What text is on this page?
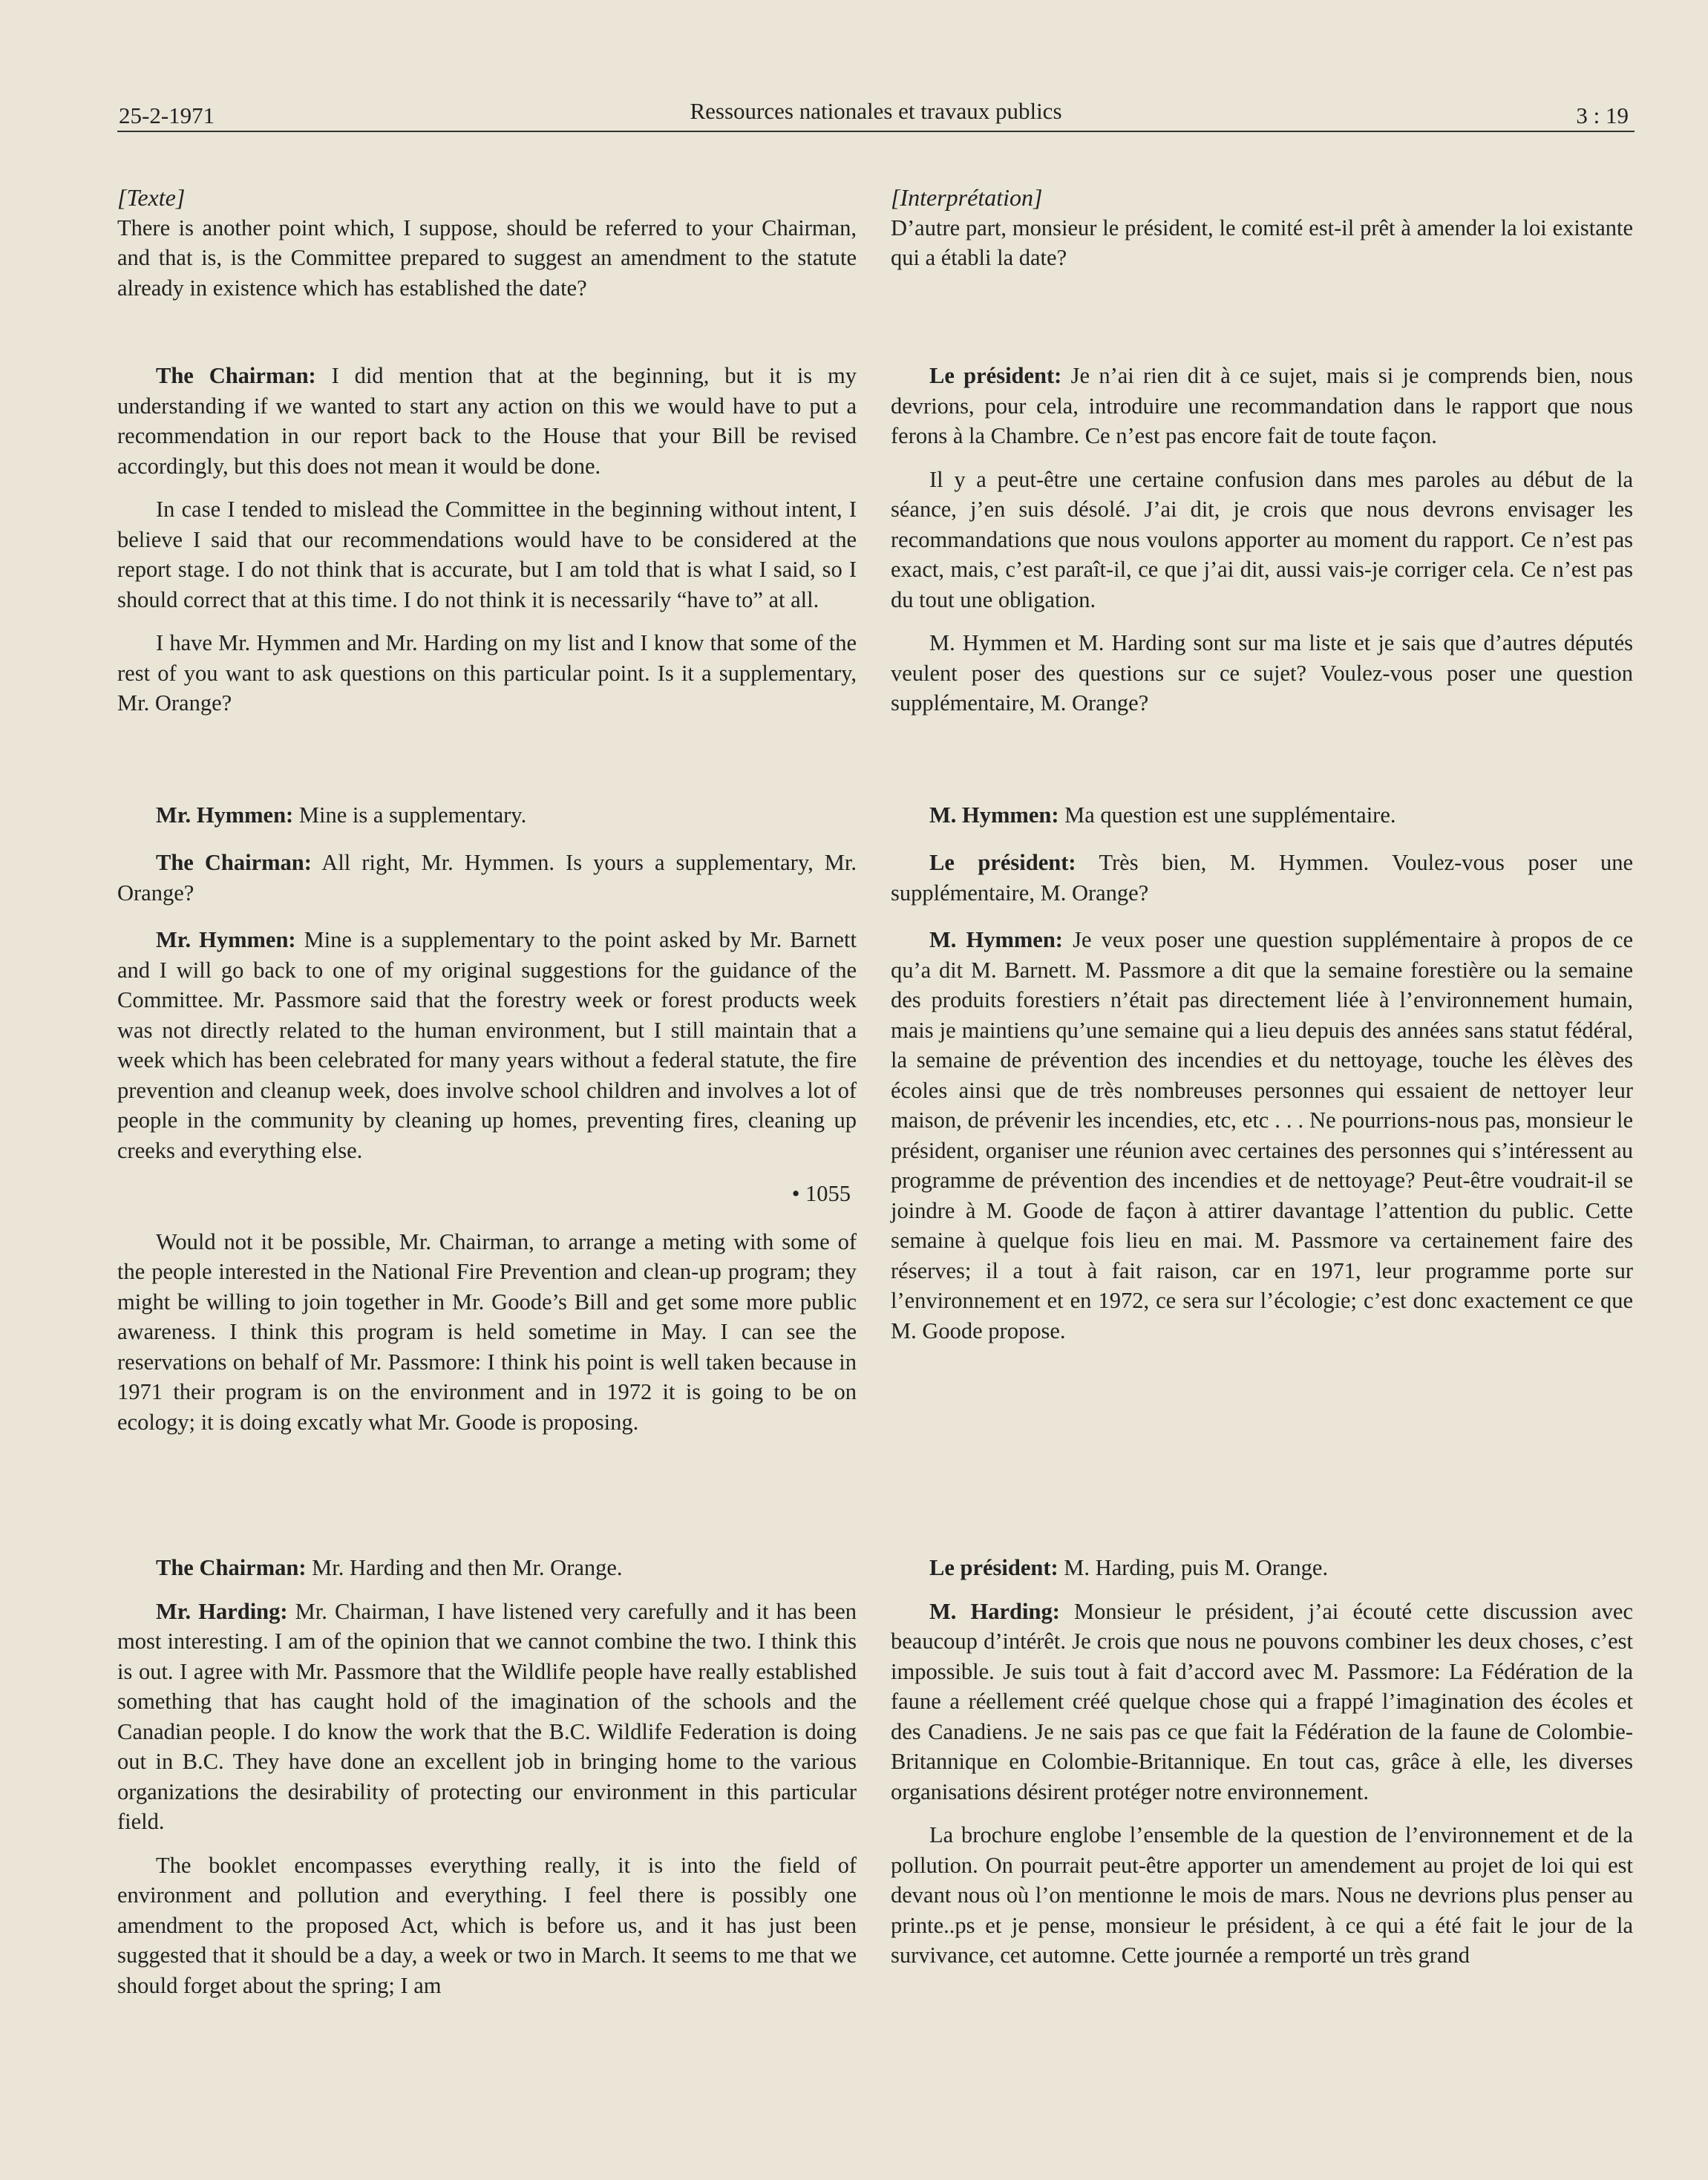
25-2-1971	Ressources nationales et travaux publics	3 : 19
[Texte]

There is another point which, I suppose, should be referred to your Chairman, and that is, is the Committee prepared to suggest an amendment to the statute already in existence which has established the date?

The Chairman: I did mention that at the beginning, but it is my understanding if we wanted to start any action on this we would have to put a recommendation in our report back to the House that your Bill be revised accordingly, but this does not mean it would be done.

In case I tended to mislead the Committee in the beginning without intent, I believe I said that our recommendations would have to be considered at the report stage. I do not think that is accurate, but I am told that is what I said, so I should correct that at this time. I do not think it is necessarily “have to” at all.

I have Mr. Hymmen and Mr. Harding on my list and I know that some of the rest of you want to ask questions on this particular point. Is it a supplementary, Mr. Orange?

Mr. Hymmen: Mine is a supplementary.

The Chairman: All right, Mr. Hymmen. Is yours a supplementary, Mr. Orange?

Mr. Hymmen: Mine is a supplementary to the point asked by Mr. Barnett and I will go back to one of my original suggestions for the guidance of the Committee. Mr. Passmore said that the forestry week or forest products week was not directly related to the human environment, but I still maintain that a week which has been celebrated for many years without a federal statute, the fire prevention and cleanup week, does involve school children and involves a lot of people in the community by cleaning up homes, preventing fires, cleaning up creeks and everything else.

• 1055

Would not it be possible, Mr. Chairman, to arrange a meting with some of the people interested in the National Fire Prevention and clean-up program; they might be willing to join together in Mr. Goode’s Bill and get some more public awareness. I think this program is held sometime in May. I can see the reservations on behalf of Mr. Passmore: I think his point is well taken because in 1971 their program is on the environment and in 1972 it is going to be on ecology; it is doing excatly what Mr. Goode is proposing.

The Chairman: Mr. Harding and then Mr. Orange.

Mr. Harding: Mr. Chairman, I have listened very carefully and it has been most interesting. I am of the opinion that we cannot combine the two. I think this is out. I agree with Mr. Passmore that the Wildlife people have really established something that has caught hold of the imagination of the schools and the Canadian people. I do know the work that the B.C. Wildlife Federation is doing out in B.C. They have done an excellent job in bringing home to the various organizations the desirability of protecting our environment in this particular field.

The booklet encompasses everything really, it is into the field of environment and pollution and everything. I feel there is possibly one amendment to the proposed Act, which is before us, and it has just been suggested that it should be a day, a week or two in March. It seems to me that we should forget about the spring; I am

[Interprétation]

D’autre part, monsieur le président, le comité est-il prêt à amender la loi existante qui a établi la date?

Le président: Je n’ai rien dit à ce sujet, mais si je comprends bien, nous devrions, pour cela, introduire une recommandation dans le rapport que nous ferons à la Chambre. Ce n’est pas encore fait de toute façon.

Il y a peut-être une certaine confusion dans mes paroles au début de la séance, j’en suis désolé. J’ai dit, je crois que nous devrons envisager les recommandations que nous voulons apporter au moment du rapport. Ce n’est pas exact, mais, c’est paraît-il, ce que j’ai dit, aussi vais-je corriger cela. Ce n’est pas du tout une obligation.

M. Hymmen et M. Harding sont sur ma liste et je sais que d’autres députés veulent poser des questions sur ce sujet? Voulez-vous poser une question supplémentaire, M. Orange?

M. Hymmen: Ma question est une supplémentaire.

Le président: Très bien, M. Hymmen. Voulez-vous poser une supplémentaire, M. Orange?

M. Hymmen: Je veux poser une question supplémentaire à propos de ce qu’a dit M. Barnett. M. Passmore a dit que la semaine forestière ou la semaine des produits forestiers n’était pas directement liée à l’environnement humain, mais je maintiens qu’une semaine qui a lieu depuis des années sans statut fédéral, la semaine de prévention des incendies et du nettoyage, touche les élèves des écoles ainsi que de très nombreuses personnes qui essaient de nettoyer leur maison, de prévenir les incendies, etc, etc . . . Ne pourrions-nous pas, monsieur le président, organiser une réunion avec certaines des personnes qui s’intéressent au programme de prévention des incendies et de nettoyage? Peut-être voudrait-il se joindre à M. Goode de façon à attirer davantage l’attention du public. Cette semaine à quelque fois lieu en mai. M. Passmore va certainement faire des réserves; il a tout à fait raison, car en 1971, leur programme porte sur l’environnement et en 1972, ce sera sur l’écologie; c’est donc exactement ce que M. Goode propose.

Le président: M. Harding, puis M. Orange.

M. Harding: Monsieur le président, j’ai écouté cette discussion avec beaucoup d’intérêt. Je crois que nous ne pouvons combiner les deux choses, c’est impossible. Je suis tout à fait d’accord avec M. Passmore: La Fédération de la faune a réellement créé quelque chose qui a frappé l’imagination des écoles et des Canadiens. Je ne sais pas ce que fait la Fédération de la faune de Colombie-Britannique en Colombie-Britannique. En tout cas, grâce à elle, les diverses organisations désirent protéger notre environnement.

La brochure englobe l’ensemble de la question de l’environnement et de la pollution. On pourrait peut-être apporter un amendement au projet de loi qui est devant nous où l’on mentionne le mois de mars. Nous ne devrions plus penser au printe..ps et je pense, monsieur le président, à ce qui a été fait le jour de la survivance, cet automne. Cette journée a remporté un très grand
